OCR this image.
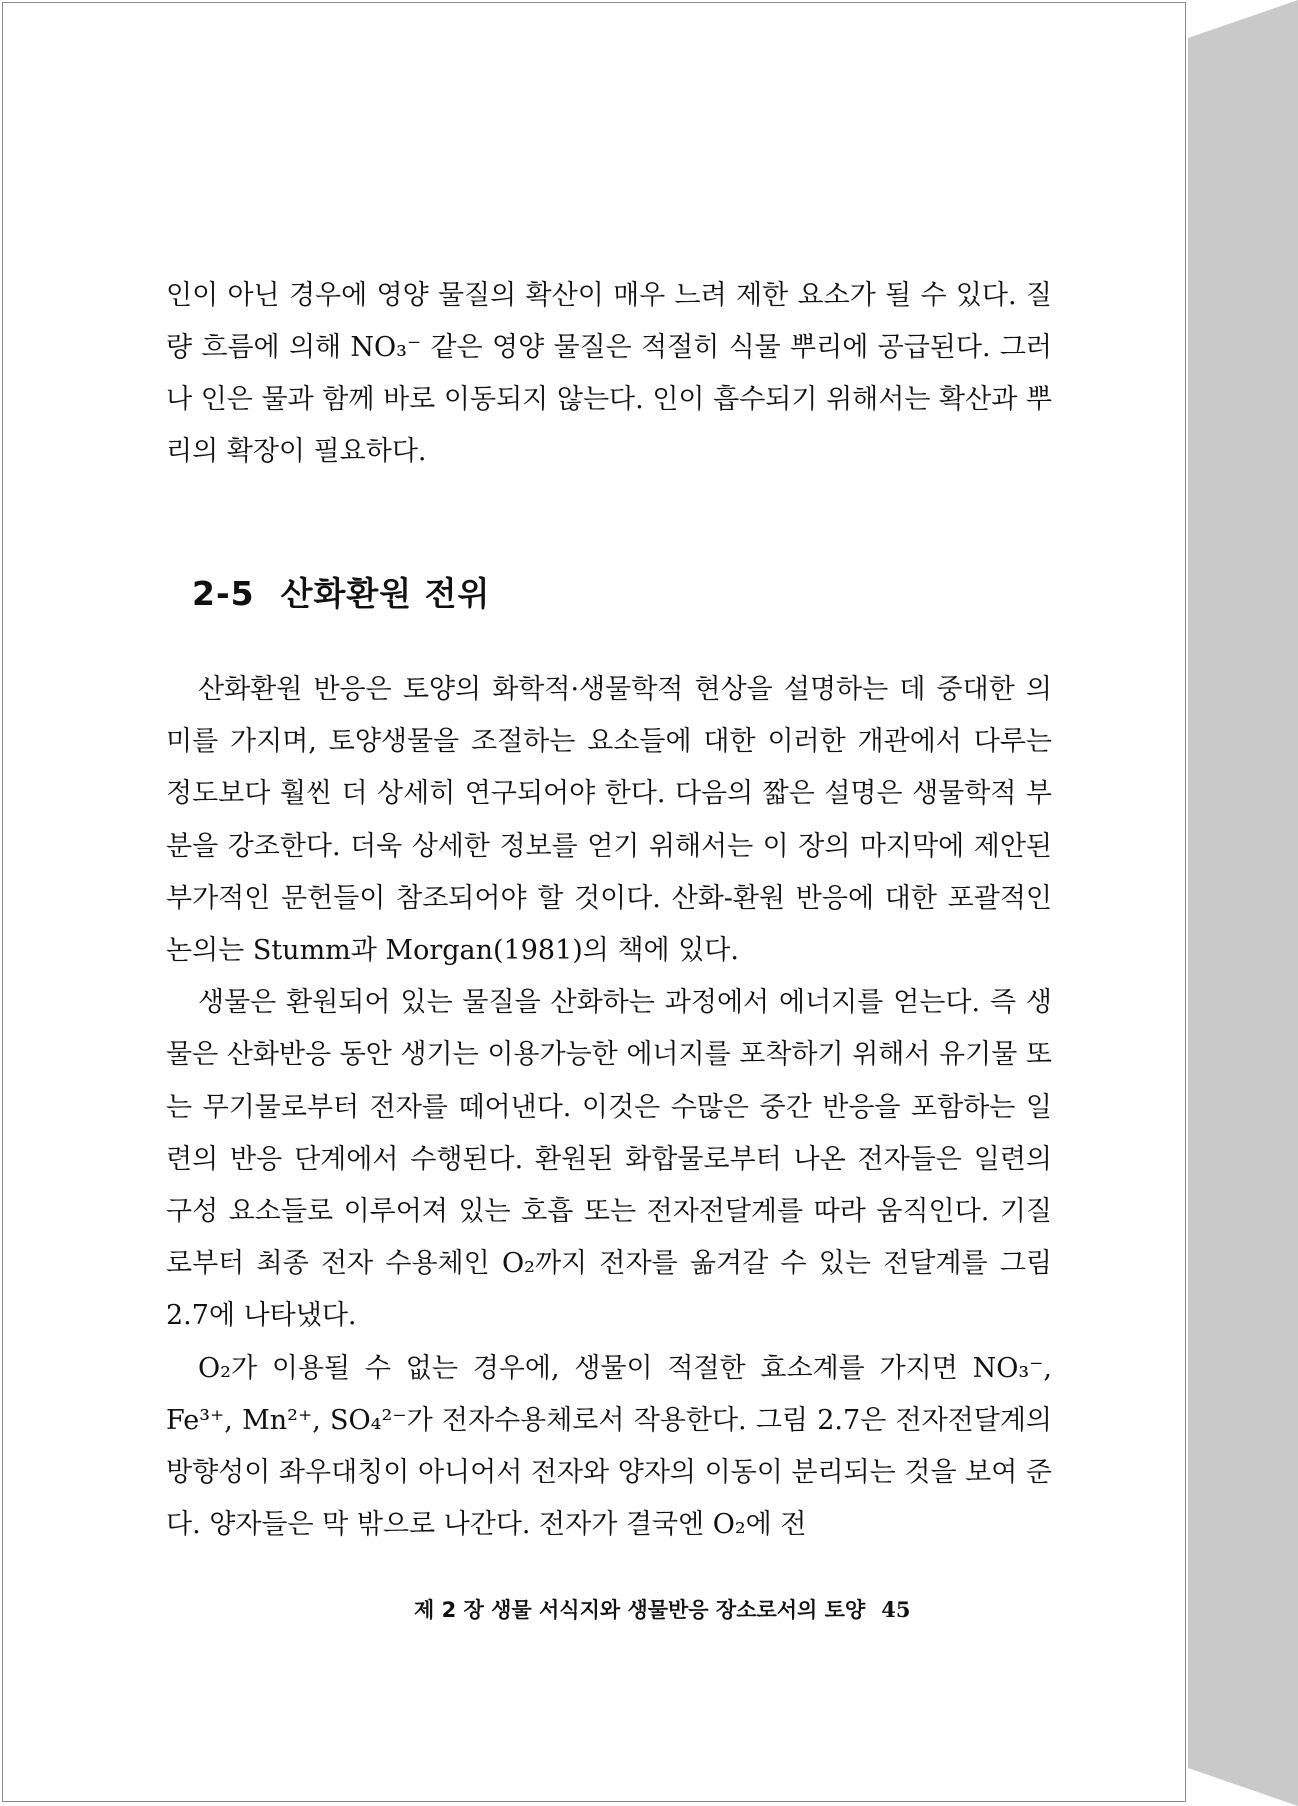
인이 아닌 경우에 영양 물질의 확산이 매우 느려 제한 요소가 될 수 있다. 질량 흐름에 의해 NO₃⁻ 같은 영양 물질은 적절히 식물 뿌리에 공급된다. 그러나 인은 물과 함께 바로 이동되지 않는다. 인이 흡수되기 위해서는 확산과 뿌리의 확장이 필요하다.

2-5 산화환원 전위

산화환원 반응은 토양의 화학적·생물학적 현상을 설명하는 데 중대한 의미를 가지며, 토양생물을 조절하는 요소들에 대한 이러한 개관에서 다루는 정도보다 훨씬 더 상세히 연구되어야 한다. 다음의 짧은 설명은 생물학적 부분을 강조한다. 더욱 상세한 정보를 얻기 위해서는 이 장의 마지막에 제안된 부가적인 문헌들이 참조되어야 할 것이다. 산화-환원 반응에 대한 포괄적인 논의는 Stumm과 Morgan(1981)의 책에 있다.

생물은 환원되어 있는 물질을 산화하는 과정에서 에너지를 얻는다. 즉 생물은 산화반응 동안 생기는 이용가능한 에너지를 포착하기 위해서 유기물 또는 무기물로부터 전자를 떼어낸다. 이것은 수많은 중간 반응을 포함하는 일련의 반응 단계에서 수행된다. 환원된 화합물로부터 나온 전자들은 일련의 구성 요소들로 이루어져 있는 호흡 또는 전자전달계를 따라 움직인다. 기질로부터 최종 전자 수용체인 O₂까지 전자를 옮겨갈 수 있는 전달계를 그림 2.7에 나타냈다.

O₂가 이용될 수 없는 경우에, 생물이 적절한 효소계를 가지면 NO₃⁻, Fe³⁺, Mn²⁺, SO₄²⁻가 전자수용체로서 작용한다. 그림 2.7은 전자전달계의 방향성이 좌우대칭이 아니어서 전자와 양자의 이동이 분리되는 것을 보여 준다. 양자들은 막 밖으로 나간다. 전자가 결국엔 O₂에 전

제 2 장 생물 서식지와 생물반응 장소로서의 토양 45
